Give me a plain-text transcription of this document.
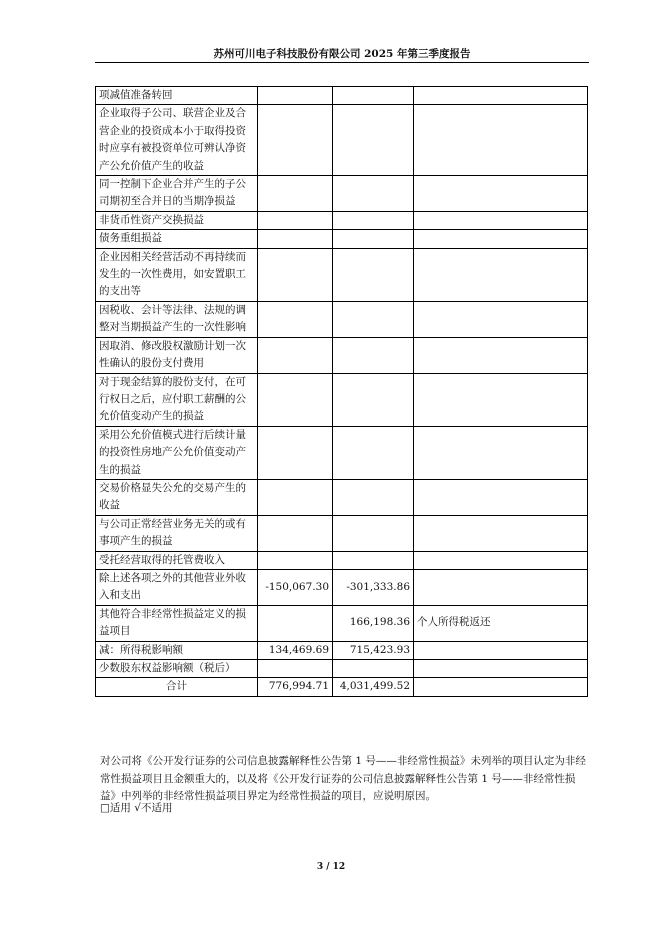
苏州可川电子科技股份有限公司 2025 年第三季度报告
项减值准备转回			
企业取得子公司、联营企业及合营企业的投资成本小于取得投资时应享有被投资单位可辨认净资产公允价值产生的收益			
同一控制下企业合并产生的子公司期初至合并日的当期净损益			
非货币性资产交换损益			
债务重组损益			
企业因相关经营活动不再持续而发生的一次性费用，如安置职工的支出等			
因税收、会计等法律、法规的调整对当期损益产生的一次性影响			
因取消、修改股权激励计划一次性确认的股份支付费用			
对于现金结算的股份支付，在可行权日之后，应付职工薪酬的公允价值变动产生的损益			
采用公允价值模式进行后续计量的投资性房地产公允价值变动产生的损益			
交易价格显失公允的交易产生的收益			
与公司正常经营业务无关的或有事项产生的损益			
受托经营取得的托管费收入			
除上述各项之外的其他营业外收入和支出	-150,067.30	-301,333.86	
其他符合非经常性损益定义的损益项目		166,198.36	个人所得税返还
减：所得税影响额	134,469.69	715,423.93	
少数股东权益影响额（税后）			
合计	776,994.71	4,031,499.52	
对公司将《公开发行证券的公司信息披露解释性公告第 1 号——非经常性损益》未列举的项目认定为非经常性损益项目且金额重大的，以及将《公开发行证券的公司信息披露解释性公告第 1 号——非经常性损益》中列举的非经常性损益项目界定为经常性损益的项目，应说明原因。
□适用 √不适用
3 / 12
